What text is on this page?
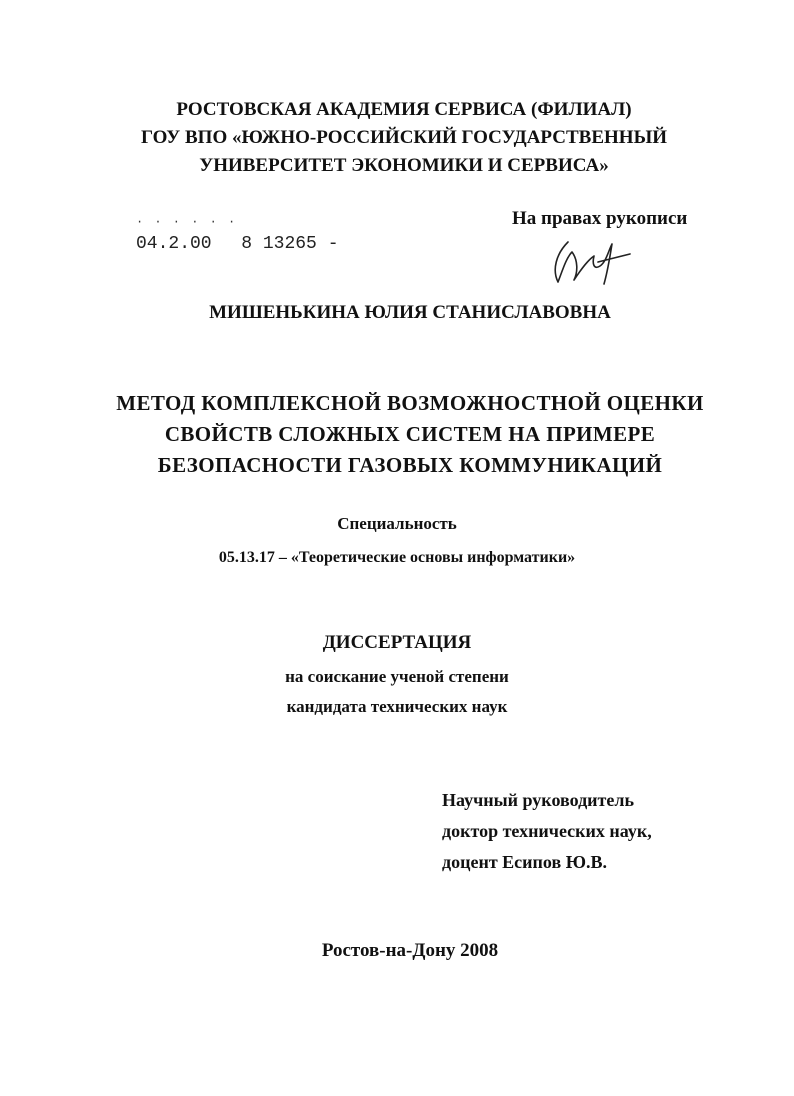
РОСТОВСКАЯ АКАДЕМИЯ СЕРВИСА (ФИЛИАЛ)
ГОУ ВПО «ЮЖНО-РОССИЙСКИЙ ГОСУДАРСТВЕННЫЙ
УНИВЕРСИТЕТ ЭКОНОМИКИ И СЕРВИСА»
· · · · · ·
04.2.00 8 13265 -
На правах рукописи
МИШЕНЬКИНА ЮЛИЯ СТАНИСЛАВОВНА
МЕТОД КОМПЛЕКСНОЙ ВОЗМОЖНОСТНОЙ ОЦЕНКИ
СВОЙСТВ СЛОЖНЫХ СИСТЕМ НА ПРИМЕРЕ
БЕЗОПАСНОСТИ ГАЗОВЫХ КОММУНИКАЦИЙ
Специальность
05.13.17 – «Теоретические основы информатики»
ДИССЕРТАЦИЯ
на соискание ученой степени
кандидата технических наук
Научный руководитель
доктор технических наук,
доцент Есипов Ю.В.
Ростов-на-Дону 2008
